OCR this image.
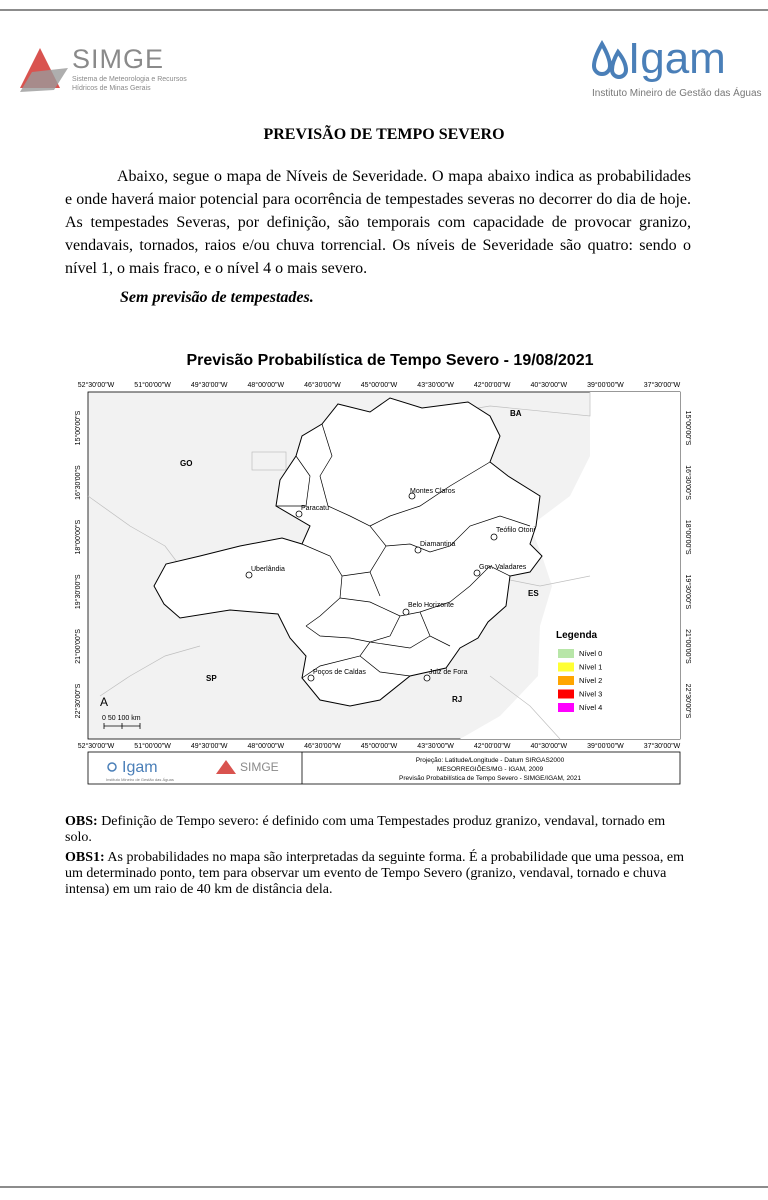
SIMGE
Sistema de Meteorologia e Recursos Hídricos de Minas Gerais
Igam
Instituto Mineiro de Gestão das Águas
PREVISÃO DE TEMPO SEVERO
Abaixo, segue o mapa de Níveis de Severidade. O mapa abaixo indica as probabilidades e onde haverá maior potencial para ocorrência de tempestades severas no decorrer do dia de hoje. As tempestades Severas, por definição, são temporais com capacidade de provocar granizo, vendavais, tornados, raios e/ou chuva torrencial. Os níveis de Severidade são quatro: sendo o nível 1, o mais fraco, e o nível 4 o mais severo.
Sem previsão de tempestades.
Previsão Probabilística de Tempo Severo - 19/08/2021
52°30'00"W	51°00'00"W	49°30'00"W	48°00'00"W	46°30'00"W	45°00'00"W	43°30'00"W	42°00'00"W	40°30'00"W	39°00'00"W	37°30'00"W
52°30'00"W	51°00'00"W	49°30'00"W	48°00'00"W	46°30'00"W	45°00'00"W	43°30'00"W	42°00'00"W	40°30'00"W	39°00'00"W	37°30'00"W
15°00'00"S
16°30'00"S
18°00'00"S
19°30'00"S
21°00'00"S
22°30'00"S
15°00'00"S
16°30'00"S
18°00'00"S
19°30'00"S
21°00'00"S
22°30'00"S
BA
GO
ES
SP
RJ
Montes Claros
Paracatu
Teófilo Otoni
Diamantina
Gov. Valadares
Uberlândia
Belo Horizonte
Poços de Caldas	Juiz de Fora
Legenda
Nível 0
Nível 1
Nível 2
Nível 3
Nível 4
A
0 50 100 km
Igam
Instituto Mineiro de Gestão das Águas
SIMGE	Projeção: Latitude/Longitude - Datum SIRGAS2000
MESORREGIÕES/MG - IGAM, 2009
Previsão Probabilística de Tempo Severo - SIMGE/IGAM, 2021
OBS: Definição de Tempo severo: é definido com uma Tempestades produz granizo, vendaval, tornado em solo.
OBS1: As probabilidades no mapa são interpretadas da seguinte forma. É a probabilidade que uma pessoa, em um determinado ponto, tem para observar um evento de Tempo Severo (granizo, vendaval, tornado e chuva intensa) em um raio de 40 km de distância dela.
